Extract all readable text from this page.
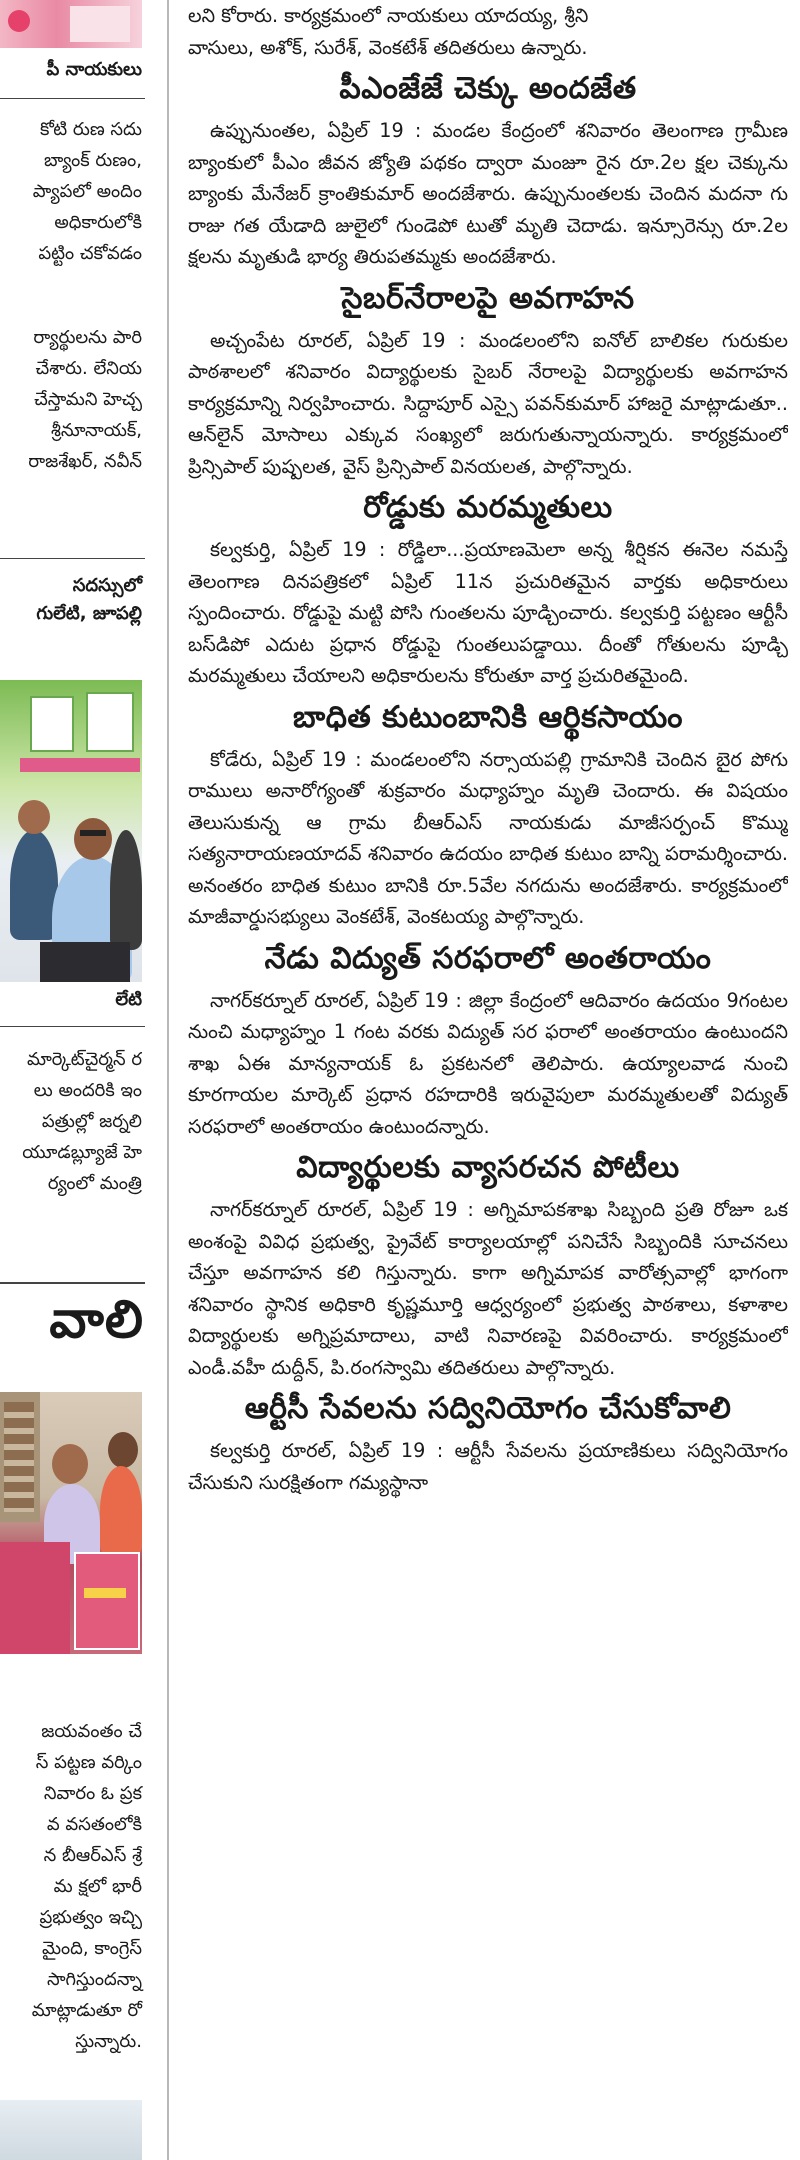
పీ నాయకులు
కోటి రుణ సదు
బ్యాంక్‌ రుణం,
ప్యాపలో అందిం
అధికారులోకి
పట్టిం చకోవడం
ర్యార్థులను పారి
చేశారు. లేనియ
చేస్తామని హెచ్చ
శ్రీనూనాయక్‌,
రాజశేఖర్‌, నవీన్‌
సదస్సులో
గులేటి, జూపల్లి
లేటి
మార్కెట్‌చైర్మన్‌ ర
లు అందరికి ఇం
పత్రుల్లో జర్నలి
యూడబ్ల్యూజే హె
ర్యంలో మంత్రి
వాలి
జయవంతం చే
స్‌ పట్టణ వర్కిం
నివారం ఓ ప్రక
వ వసతంలోకి
న బీఆర్‌ఎస్‌ శ్రే
మ క్షలో భారీ
ప్రభుత్వం ఇచ్చి
మైంది, కాంగ్రెస్‌
సాగిస్తుందన్నా
మాట్లాడుతూ రో
స్తున్నారు.

లని కోరారు. కార్యక్రమంలో నాయకులు యాదయ్య, శ్రీని

వాసులు, అశోక్‌, సురేశ్‌, వెంకటేశ్‌ తదితరులు ఉన్నారు.

పీఎంజేజే చెక్కు అందజేత

ఉప్పునుంతల, ఏప్రిల్‌ 19 : మండల కేంద్రంలో శనివారం తెలంగాణ గ్రామీణ బ్యాంకులో పీఎం జీవన జ్యోతి పథకం ద్వారా మంజూ రైన రూ.2ల క్షల చెక్కును బ్యాంకు మేనేజర్‌ క్రాంతికుమార్‌ అందజేశారు. ఉప్పునుంతలకు చెందిన మదనా గు రాజు గత యేడాది జులైలో గుండెపో టుతో మృతి చెదాడు. ఇన్సూరెన్సు రూ.2ల క్షలను మృతుడి భార్య తిరుపతమ్మకు అందజేశారు.

సైబర్‌నేరాలపై అవగాహన

అచ్చంపేట రూరల్‌, ఏప్రిల్‌ 19 : మండలంలోని ఐనోల్‌ బాలికల గురుకుల పాఠశాలలో శనివారం విద్యార్థులకు సైబర్‌ నేరాలపై విద్యార్థులకు అవగాహన కార్యక్రమాన్ని నిర్వహించారు. సిద్దాపూర్‌ ఎస్సై పవన్‌కుమార్‌ హాజరై మాట్లాడుతూ.. ఆన్‌లైన్‌ మోసాలు ఎక్కువ సంఖ్యలో జరుగుతున్నాయన్నారు. కార్యక్రమంలో ప్రిన్సిపాల్‌ పుష్పలత, వైస్‌ ప్రిన్సిపాల్‌ వినయలత, పాల్గొన్నారు.

రోడ్డుకు మరమ్మతులు

కల్వకుర్తి, ఏప్రిల్‌ 19 : రోడ్డిలా...ప్రయాణమెలా అన్న శీర్షికన ఈనెల నమస్తే తెలంగాణ దినపత్రికలో ఏప్రిల్‌ 11న ప్రచురితమైన వార్తకు అధికారులు స్పందించారు. రోడ్డుపై మట్టి పోసి గుంతలను పూడ్చించారు. కల్వకుర్తి పట్టణం ఆర్టీసీ బస్‌డిపో ఎదుట ప్రధాన రోడ్డుపై గుంతలుపడ్డాయి. దీంతో గోతులను పూడ్చి మరమ్మతులు చేయాలని అధికారులను కోరుతూ వార్త ప్రచురితమైంది.

బాధిత కుటుంబానికి ఆర్థికసాయం

కోడేరు, ఏప్రిల్‌ 19 : మండలంలోని నర్సాయపల్లి గ్రామానికి చెందిన బైర పోగు రాములు అనారోగ్యంతో శుక్రవారం మధ్యాహ్నం మృతి చెందారు. ఈ విషయం తెలుసుకున్న ఆ గ్రామ బీఆర్‌ఎస్‌ నాయకుడు మాజీసర్పంచ్‌ కొమ్ము సత్యనారాయణయాదవ్‌ శనివారం ఉదయం బాధిత కుటుం బాన్ని పరామర్శించారు. అనంతరం బాధిత కుటుం బానికి రూ.5వేల నగదును అందజేశారు. కార్యక్రమంలో మాజీవార్డుసభ్యులు వెంకటేశ్‌, వెంకటయ్య పాల్గొన్నారు.

నేడు విద్యుత్‌ సరఫరాలో అంతరాయం

నాగర్‌కర్నూల్‌ రూరల్‌, ఏప్రిల్‌ 19 : జిల్లా కేంద్రంలో ఆదివారం ఉదయం 9గంటల నుంచి మధ్యాహ్నం 1 గంట వరకు విద్యుత్‌ సర ఫరాలో అంతరాయం ఉంటుందని శాఖ ఏఈ మాన్యనాయక్‌ ఓ ప్రకటనలో తెలిపారు. ఉయ్యాలవాడ నుంచి కూరగాయల మార్కెట్‌ ప్రధాన రహదారికి ఇరువైపులా మరమ్మతులతో విద్యుత్‌ సరఫరాలో అంతరాయం ఉంటుందన్నారు.

విద్యార్థులకు వ్యాసరచన పోటీలు

నాగర్‌కర్నూల్‌ రూరల్‌, ఏప్రిల్‌ 19 : అగ్నిమాపకశాఖ సిబ్బంది ప్రతి రోజూ ఒక అంశంపై వివిధ ప్రభుత్వ, ప్రైవేట్‌ కార్యాలయాల్లో పనిచేసే సిబ్బందికి సూచనలు చేస్తూ అవగాహన కలి గిస్తున్నారు. కాగా అగ్నిమాపక వారోత్సవాల్లో భాగంగా శనివారం స్థానిక అధికారి కృష్ణమూర్తి ఆధ్వర్యంలో ప్రభుత్వ పాఠశాలు, కళాశాల విద్యార్థులకు అగ్నిప్రమాదాలు, వాటి నివారణపై వివరించారు. కార్యక్రమంలో ఎండీ.వహీ దుద్దీన్‌, పి.రంగస్వామి తదితరులు పాల్గొన్నారు.

ఆర్టీసీ సేవలను సద్వినియోగం చేసుకోవాలి

కల్వకుర్తి రూరల్‌, ఏప్రిల్‌ 19 : ఆర్టీసీ సేవలను ప్రయాణికులు సద్వినియోగం చేసుకుని సురక్షితంగా గమ్యస్థానా
